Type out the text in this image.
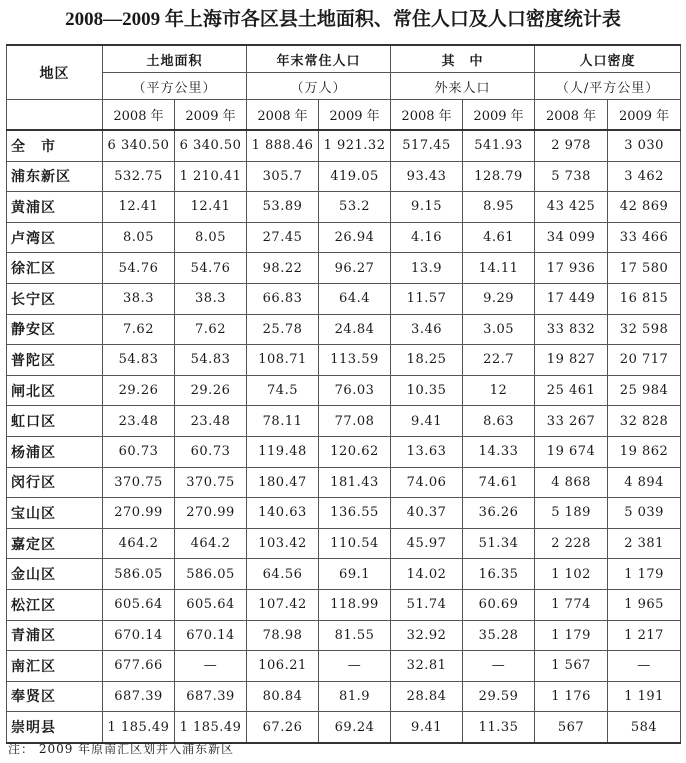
2008—2009 年上海市各区县土地面积、常住人口及人口密度统计表
地区	土地面积		年末常住人口		其　中		人口密度	
	（平方公里）		（万人）		外来人口		（人/平方公里）	
	2008 年	2009 年	2008 年	2009 年	2008 年	2009 年	2008 年	2009 年
全　市	6 340.50	6 340.50	1 888.46	1 921.32	517.45	541.93	2 978	3 030
浦东新区	532.75	1 210.41	305.7	419.05	93.43	128.79	5 738	3 462
黄浦区	12.41	12.41	53.89	53.2	9.15	8.95	43 425	42 869
卢湾区	8.05	8.05	27.45	26.94	4.16	4.61	34 099	33 466
徐汇区	54.76	54.76	98.22	96.27	13.9	14.11	17 936	17 580
长宁区	38.3	38.3	66.83	64.4	11.57	9.29	17 449	16 815
静安区	7.62	7.62	25.78	24.84	3.46	3.05	33 832	32 598
普陀区	54.83	54.83	108.71	113.59	18.25	22.7	19 827	20 717
闸北区	29.26	29.26	74.5	76.03	10.35	12	25 461	25 984
虹口区	23.48	23.48	78.11	77.08	9.41	8.63	33 267	32 828
杨浦区	60.73	60.73	119.48	120.62	13.63	14.33	19 674	19 862
闵行区	370.75	370.75	180.47	181.43	74.06	74.61	4 868	4 894
宝山区	270.99	270.99	140.63	136.55	40.37	36.26	5 189	5 039
嘉定区	464.2	464.2	103.42	110.54	45.97	51.34	2 228	2 381
金山区	586.05	586.05	64.56	69.1	14.02	16.35	1 102	1 179
松江区	605.64	605.64	107.42	118.99	51.74	60.69	1 774	1 965
青浦区	670.14	670.14	78.98	81.55	32.92	35.28	1 179	1 217
南汇区	677.66	—	106.21	—	32.81	—	1 567	—
奉贤区	687.39	687.39	80.84	81.9	28.84	29.59	1 176	1 191
崇明县	1 185.49	1 185.49	67.26	69.24	9.41	11.35	567	584
注： 2009 年原南汇区划并入浦东新区
